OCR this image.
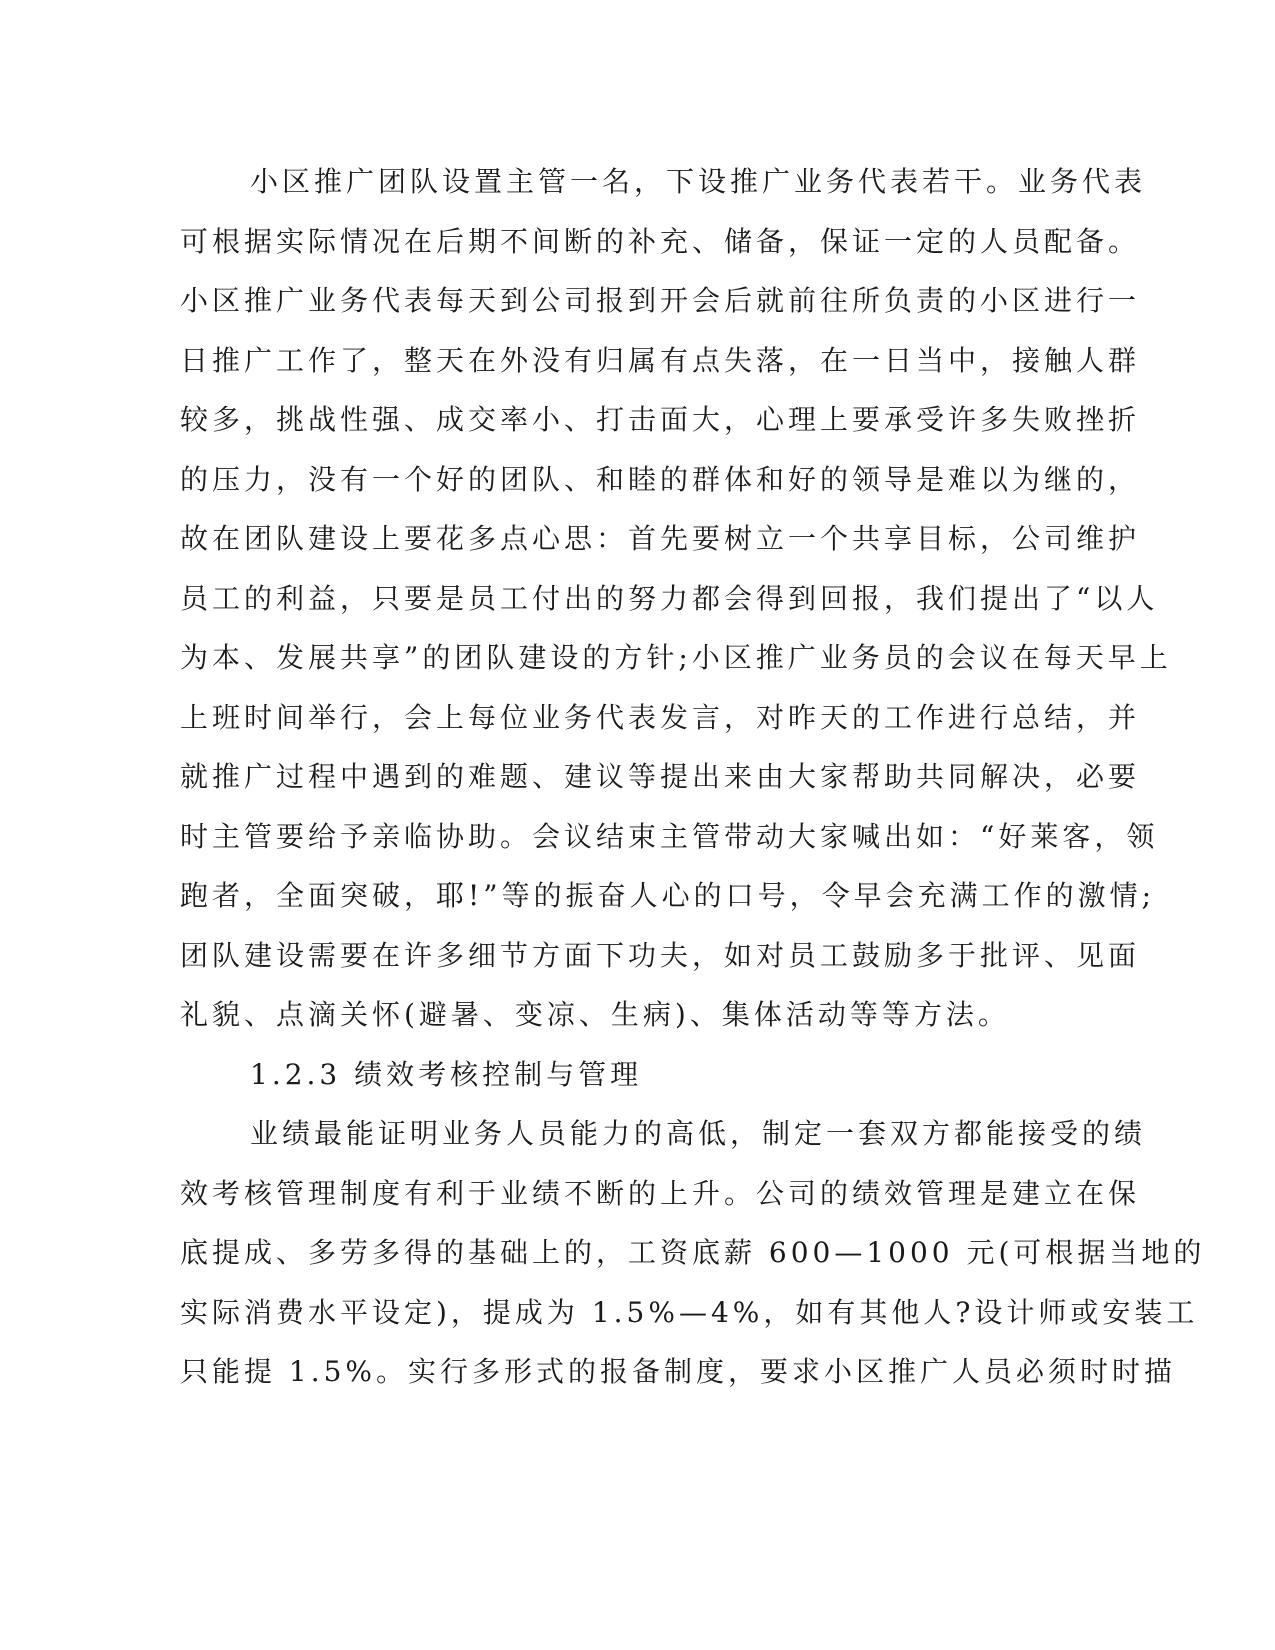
小区推广团队设置主管一名，下设推广业务代表若干。业务代表
可根据实际情况在后期不间断的补充、储备，保证一定的人员配备。
小区推广业务代表每天到公司报到开会后就前往所负责的小区进行一
日推广工作了，整天在外没有归属有点失落，在一日当中，接触人群
较多，挑战性强、成交率小、打击面大，心理上要承受许多失败挫折
的压力，没有一个好的团队、和睦的群体和好的领导是难以为继的，
故在团队建设上要花多点心思：首先要树立一个共享目标，公司维护
员工的利益，只要是员工付出的努力都会得到回报，我们提出了“以人
为本、发展共享”的团队建设的方针;小区推广业务员的会议在每天早上
上班时间举行，会上每位业务代表发言，对昨天的工作进行总结，并
就推广过程中遇到的难题、建议等提出来由大家帮助共同解决，必要
时主管要给予亲临协助。会议结束主管带动大家喊出如：“好莱客，领
跑者，全面突破，耶!”等的振奋人心的口号，令早会充满工作的激情;
团队建设需要在许多细节方面下功夫，如对员工鼓励多于批评、见面
礼貌、点滴关怀(避暑、变凉、生病)、集体活动等等方法。
1.2.3 绩效考核控制与管理
业绩最能证明业务人员能力的高低，制定一套双方都能接受的绩
效考核管理制度有利于业绩不断的上升。公司的绩效管理是建立在保
底提成、多劳多得的基础上的，工资底薪 600—1000 元(可根据当地的
实际消费水平设定)，提成为 1.5%—4%，如有其他人?设计师或安装工
只能提 1.5%。实行多形式的报备制度，要求小区推广人员必须时时描
